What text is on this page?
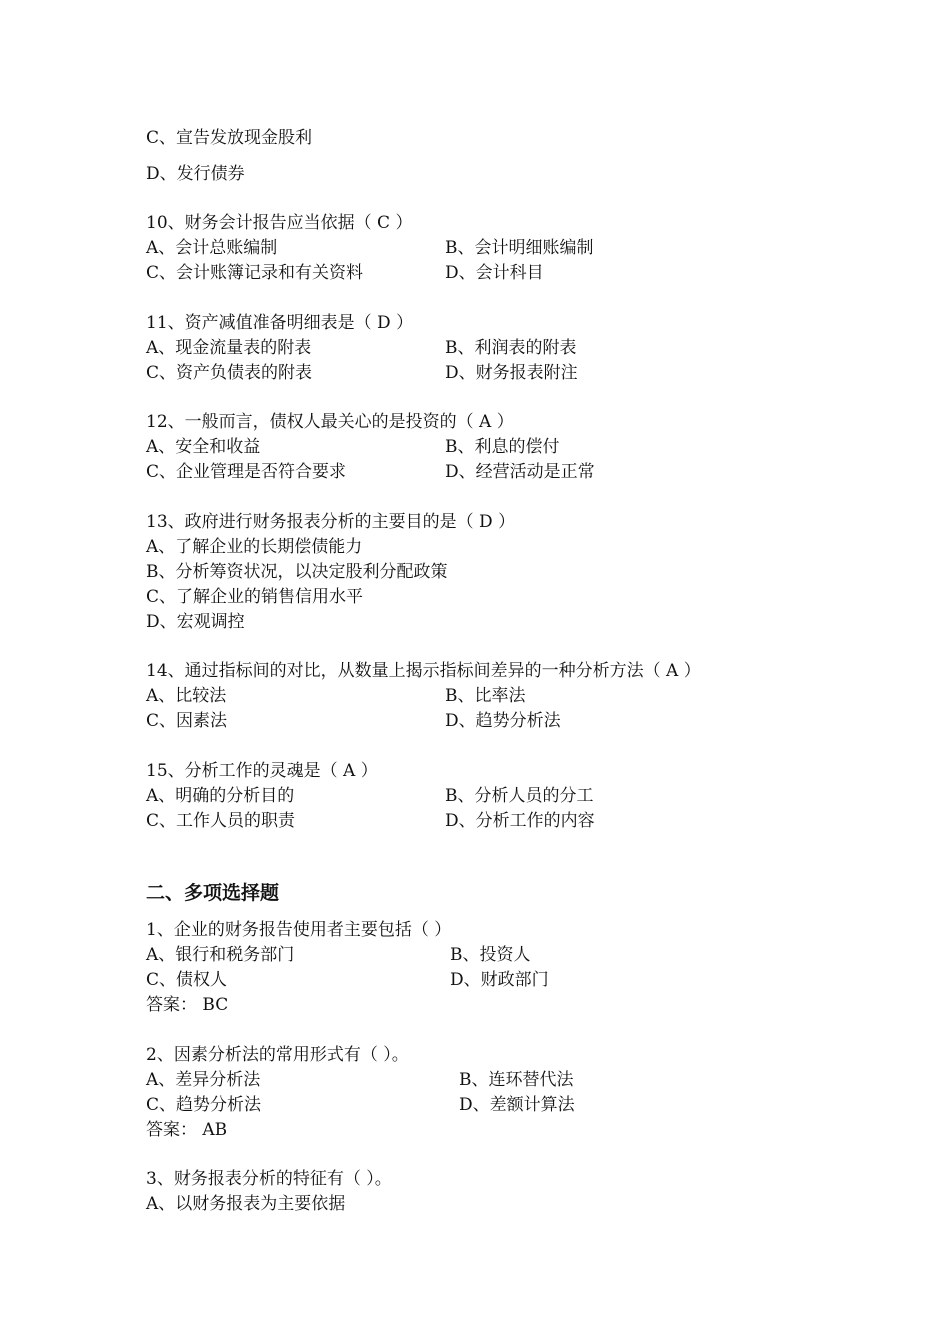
C、宣告发放现金股利
D、发行债券
10、财务会计报告应当依据（ C ）
A、会计总账编制	B、会计明细账编制
C、会计账簿记录和有关资料	D、会计科目
11、资产减值准备明细表是（ D ）
A、现金流量表的附表	B、利润表的附表
C、资产负债表的附表	D、财务报表附注
12、一般而言，债权人最关心的是投资的（ A ）
A、安全和收益	B、利息的偿付
C、企业管理是否符合要求	D、经营活动是正常
13、政府进行财务报表分析的主要目的是（ D ）
A、了解企业的长期偿债能力
B、分析筹资状况，以决定股利分配政策
C、了解企业的销售信用水平
D、宏观调控
14、通过指标间的对比，从数量上揭示指标间差异的一种分析方法（ A ）
A、比较法	B、比率法
C、因素法	D、趋势分析法
15、分析工作的灵魂是（ A ）
A、明确的分析目的	B、分析人员的分工
C、工作人员的职责	D、分析工作的内容
二、多项选择题
1、企业的财务报告使用者主要包括（ ）
A、银行和税务部门	B、投资人
C、债权人	D、财政部门
答案： BC
2、因素分析法的常用形式有（ ）。
A、差异分析法	B、连环替代法
C、趋势分析法	D、差额计算法
答案： AB
3、财务报表分析的特征有（ ）。
A、以财务报表为主要依据
